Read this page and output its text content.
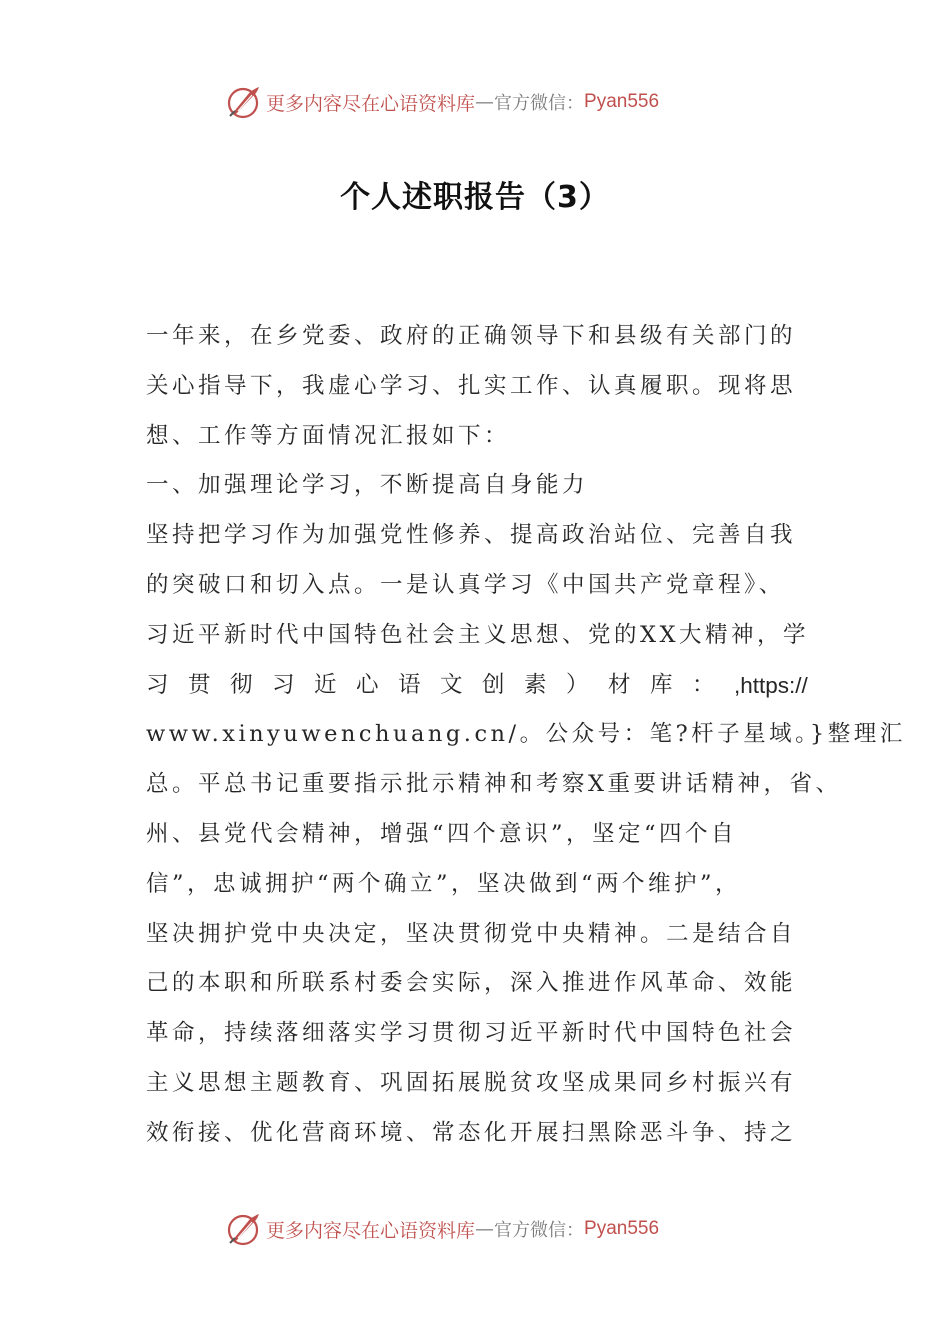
更多内容尽在心语资料库 — 官方微信： Pyan556
个人述职报告（3）
一年来，在乡党委、政府的正确领导下和县级有关部门的
关心指导下，我虚心学习、扎实工作、认真履职。现将思
想、工作等方面情况汇报如下：
一、加强理论学习，不断提高自身能力
坚持把学习作为加强党性修养、提高政治站位、完善自我
的突破口和切入点。一是认真学习《中国共产党章程》、
习近平新时代中国特色社会主义思想、党的XX大精神，学
习 贯 彻 习 近 心 语 文 创 素 ） 材 库 ： ,https://
www.xinyuwenchuang.cn/。公众号：笔?杆子星域。}整理汇
总。平总书记重要指示批示精神和考察X重要讲话精神，省、
州、县党代会精神，增强“四个意识”，坚定“四个自
信”，忠诚拥护“两个确立”，坚决做到“两个维护”，
坚决拥护党中央决定，坚决贯彻党中央精神。二是结合自
己的本职和所联系村委会实际，深入推进作风革命、效能
革命，持续落细落实学习贯彻习近平新时代中国特色社会
主义思想主题教育、巩固拓展脱贫攻坚成果同乡村振兴有
效衔接、优化营商环境、常态化开展扫黑除恶斗争、持之
更多内容尽在心语资料库 — 官方微信： Pyan556
